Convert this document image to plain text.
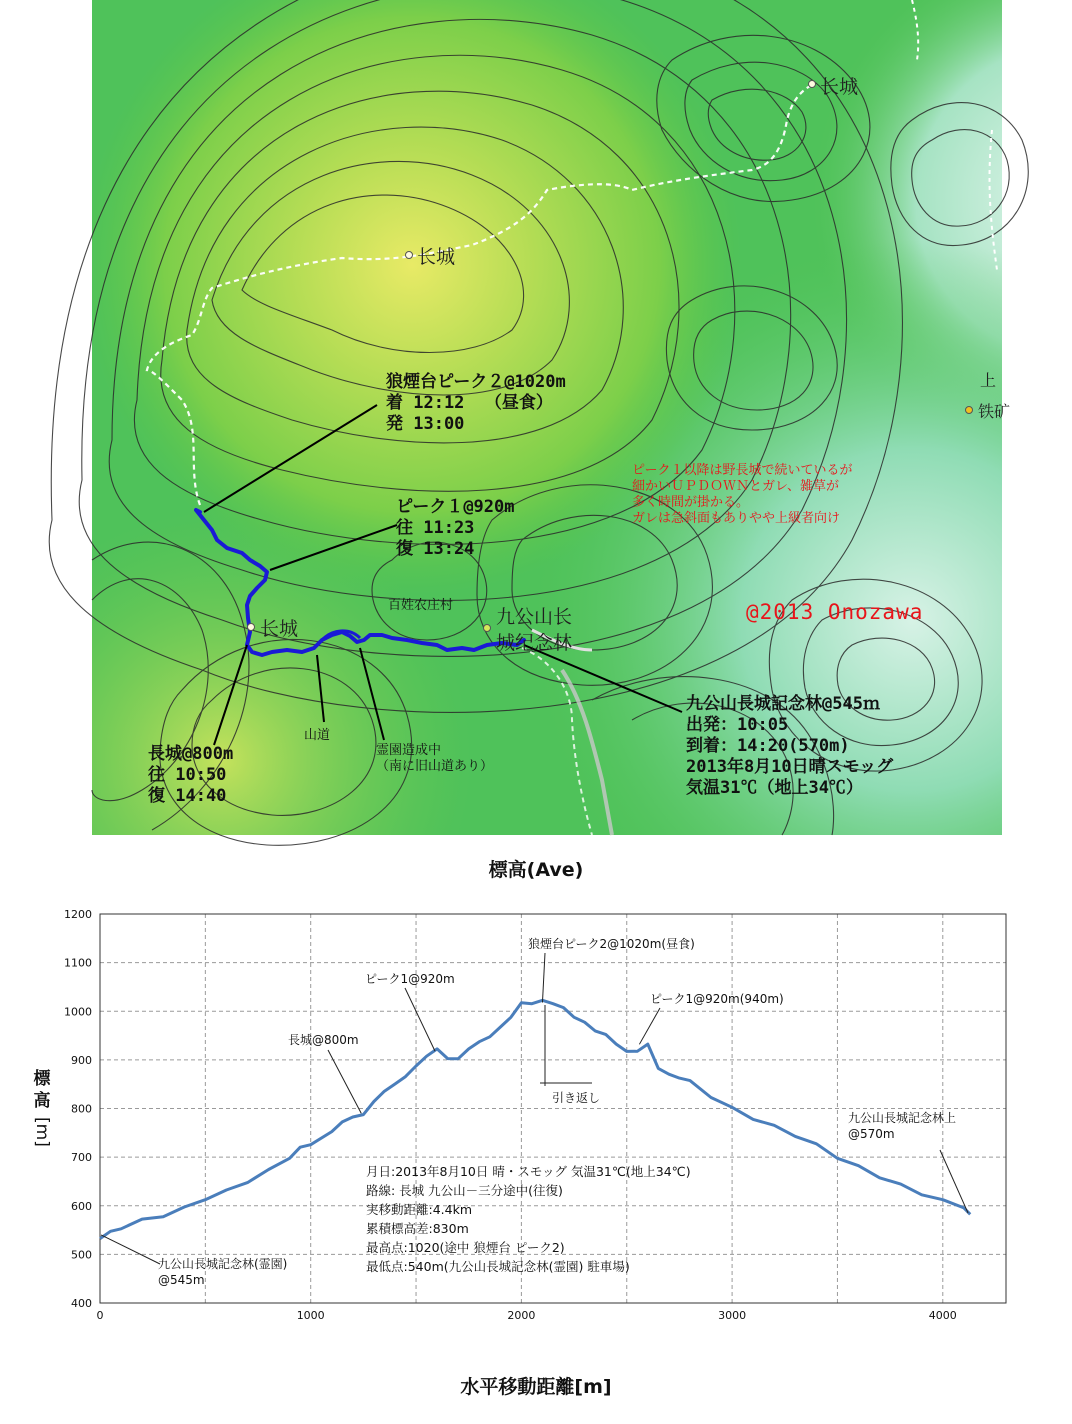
长城
长城
长城
九公山长
城纪念林
百姓农庄村
上
铁矿
狼煙台ピーク２@1020m
着 12:12  （昼食）
発 13:00
ピーク１@920m
往 11:23
復 13:24
長城@800m
往 10:50
復 14:40
九公山長城記念林@545ｍ
出発：10:05
到着：14:20(570m)
2013年8月10日晴スモッグ
気温31℃（地上34℃）
山道
霊園造成中
（南に旧山道あり）
ピーク１以降は野長城で続いているが
細かいＵＰＤＯＷＮとガレ、雑草が
多く時間が掛かる。
ガレは急斜面もありやや上級者向け
@2013 Onozawa
標高(Ave)
400
500
600
700
800
900
1000
1100
1200
0	1000	2000	3000	4000
狼煙台ピーク2@1020m(昼食)
ピーク1@920m
ピーク1@920m(940m)
長城@800m
引き返し
九公山長城記念林上
@570m
九公山長城記念林(霊園)
@545m
月日:2013年8月10日 晴・スモッグ 気温31℃(地上34℃)
路線: 長城 九公山－三分途中(往復)
実移動距離:4.4km
累積標高差:830m
最高点:1020(途中 狼煙台 ピーク2)
最低点:540m(九公山長城記念林(霊園) 駐車場)
標
高
[m]
水平移動距離[m]
